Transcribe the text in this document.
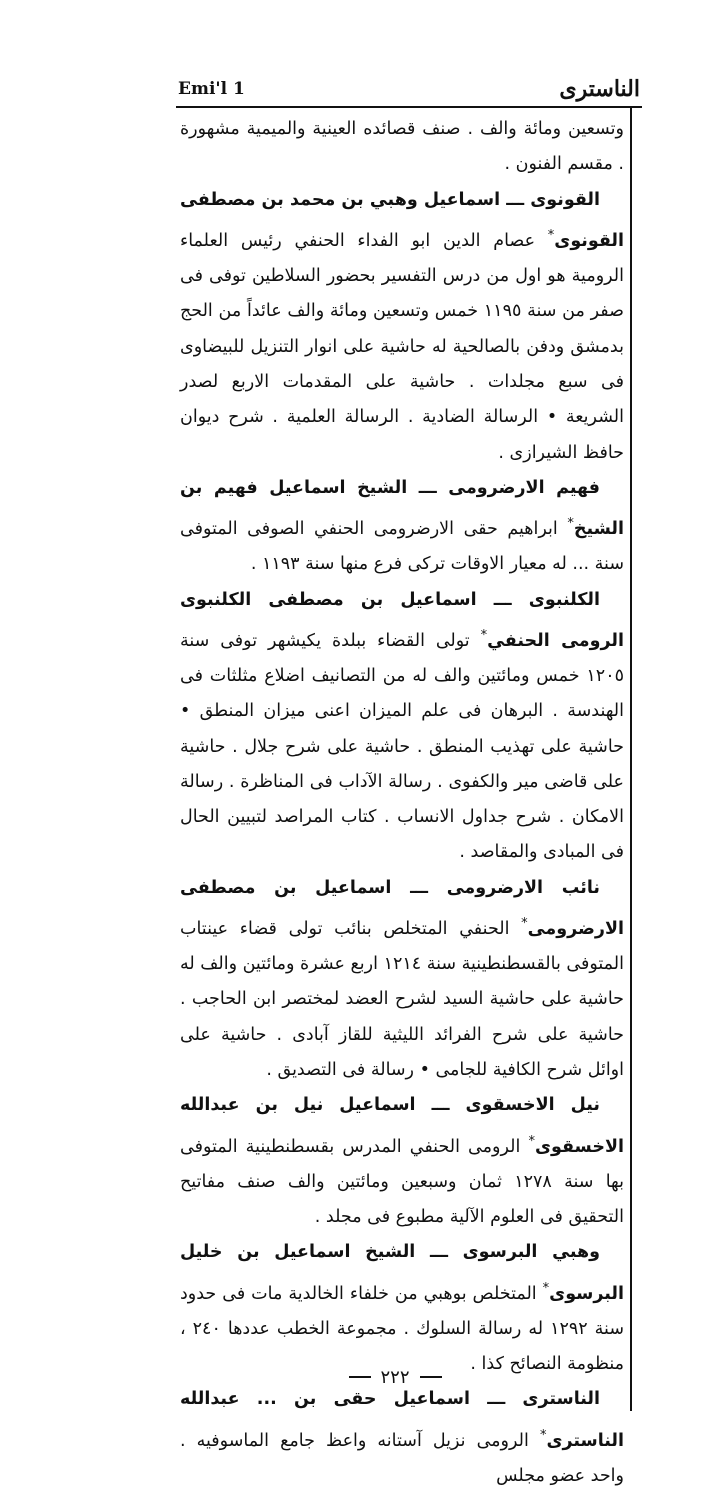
Emi'l 1	الناسترى

وتسعين ومائة والف . صنف قصائده العينية والميمية مشهورة . مقسم الفنون .

القونوى ـــ اسماعيل وهبي بن محمد بن مصطفى القونوى* عصام الدين ابو الفداء الحنفي رئيس العلماء الرومية هو اول من درس التفسير بحضور السلاطين توفى فى صفر من سنة ١١٩٥ خمس وتسعين ومائة والف عائداً من الحج بدمشق ودفن بالصالحية له حاشية على انوار التنزيل للبيضاوى فى سبع مجلدات . حاشية على المقدمات الاربع لصدر الشريعة • الرسالة الضادية . الرسالة العلمية . شرح ديوان حافظ الشيرازى .

فهيم الارضرومى ـــ الشيخ اسماعيل فهيم بن الشيخ* ابراهيم حقى الارضرومى الحنفي الصوفى المتوفى سنة ... له معيار الاوقات تركى فرع منها سنة ١١٩٣ .

الكلنبوى ـــ اسماعيل بن مصطفى الكلنبوى الرومى الحنفي* تولى القضاء ببلدة يكيشهر توفى سنة ١٢٠٥ خمس ومائتين والف له من التصانيف اضلاع مثلثات فى الهندسة . البرهان فى علم الميزان اعنى ميزان المنطق • حاشية على تهذيب المنطق . حاشية على شرح جلال . حاشية على قاضى مير والكفوى . رسالة الآداب فى المناظرة . رسالة الامكان . شرح جداول الانساب . كتاب المراصد لتبيين الحال فى المبادى والمقاصد .

نائب الارضرومى ـــ اسماعيل بن مصطفى الارضرومى* الحنفي المتخلص بنائب تولى قضاء عينتاب المتوفى بالقسطنطينية سنة ١٢١٤ اربع عشرة ومائتين والف له حاشية على حاشية السيد لشرح العضد لمختصر ابن الحاجب . حاشية على شرح الفرائد الليثية للقاز آبادى . حاشية على اوائل شرح الكافية للجامى • رسالة فى التصديق .

نيل الاخسقوى ـــ اسماعيل نيل بن عبدالله الاخسقوى* الرومى الحنفي المدرس بقسطنطينية المتوفى بها سنة ١٢٧٨ ثمان وسبعين ومائتين والف صنف مفاتيح التحقيق فى العلوم الآلية مطبوع فى مجلد .

وهبي البرسوى ـــ الشيخ اسماعيل بن خليل البرسوى* المتخلص بوهبي من خلفاء الخالدية مات فى حدود سنة ١٢٩٢ له رسالة السلوك . مجموعة الخطب عددها ٢٤٠ ، منظومة النصائح كذا .

الناسترى ـــ اسماعيل حقى بن ... عبدالله الناسترى* الرومى نزيل آستانه واعظ جامع الماسوفيه . واحد عضو مجلس

٢٢٢
